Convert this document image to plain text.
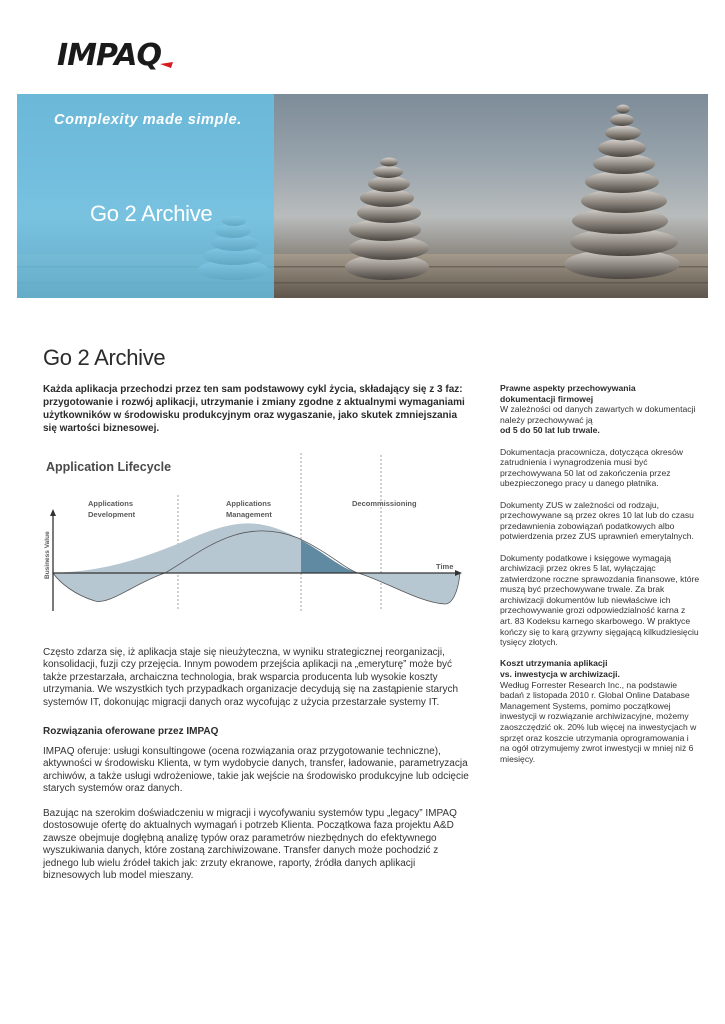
IMPAQ
Complexity made simple.
Go 2 Archive
Go 2 Archive
Każda aplikacja przechodzi przez ten sam podstawowy cykl życia, składający się z 3 faz: przygotowanie i rozwój aplikacji, utrzymanie i zmiany zgodne z aktualnymi wymaganiami użytkowników w środowisku produkcyjnym oraz wygaszanie, jako skutek zmniejszania się wartości biznesowej.
Application Lifecycle
Applications
Development
Applications
Management
Decommissioning
Time
Business Value
Często zdarza się, iż aplikacja staje się nieużyteczna, w wyniku strategicznej reorganizacji, konsolidacji, fuzji czy przejęcia. Innym powodem przejścia aplikacji na „emeryturę” może być także przestarzała, archaiczna technologia, brak wsparcia producenta lub wysokie koszty utrzymania. We wszystkich tych przypadkach organizacje decydują się na zastąpienie starych systemów IT, dokonując migracji danych oraz wycofując z użycia przestarzałe systemy IT.
Rozwiązania oferowane przez IMPAQ
IMPAQ oferuje: usługi konsultingowe (ocena rozwiązania oraz przygotowanie techniczne), aktywności w środowisku Klienta, w tym wydobycie danych, transfer, ładowanie, parametryzacja archiwów, a także usługi wdrożeniowe, takie jak wejście na środowisko produkcyjne lub odcięcie starych systemów oraz danych.
Bazując na szerokim doświadczeniu w migracji i wycofywaniu systemów typu „legacy” IMPAQ dostosowuje ofertę do aktualnych wymagań i potrzeb Klienta. Początkowa faza projektu A&D zawsze obejmuje dogłębną analizę typów oraz parametrów niezbędnych do efektywnego wyszukiwania danych, które zostaną zarchiwizowane. Transfer danych może pochodzić z jednego lub wielu źródeł takich jak: zrzuty ekranowe, raporty, źródła danych aplikacji biznesowych lub model mieszany.
Prawne aspekty przechowywania
dokumentacji firmowej
W zależności od danych zawartych w dokumentacji należy przechowywać ją
od 5 do 50 lat lub trwale.
Dokumentacja pracownicza, dotycząca okresów zatrudnienia i wynagrodzenia musi być przechowywana 50 lat od zakończenia przez ubezpieczonego pracy u danego płatnika.
Dokumenty ZUS w zależności od rodzaju, przechowywane są przez okres 10 lat lub do czasu przedawnienia zobowiązań podatkowych albo potwierdzenia przez ZUS uprawnień emerytalnych.
Dokumenty podatkowe i księgowe wymagają archiwizacji przez okres 5 lat, wyłączając zatwierdzone roczne sprawozdania finansowe, które muszą być przechowywane trwale. Za brak archiwizacji dokumentów lub niewłaściwe ich przechowywanie grozi odpowiedzialność karna z art. 83 Kodeksu karnego skarbowego. W praktyce kończy się to karą grzywny sięgającą kilkudziesięciu tysięcy złotych.
Koszt utrzymania aplikacji
vs. inwestycja w archiwizacji.
Według Forrester Research Inc., na podstawie badań z listopada 2010 r. Global Online Database Management Systems, pomimo początkowej inwestycji w rozwiązanie archiwizacyjne, możemy zaoszczędzić ok. 20% lub więcej na inwestycjach w sprzęt oraz koszcie utrzymania oprogramowania i na ogół otrzymujemy zwrot inwestycji w mniej niż 6 miesięcy.
